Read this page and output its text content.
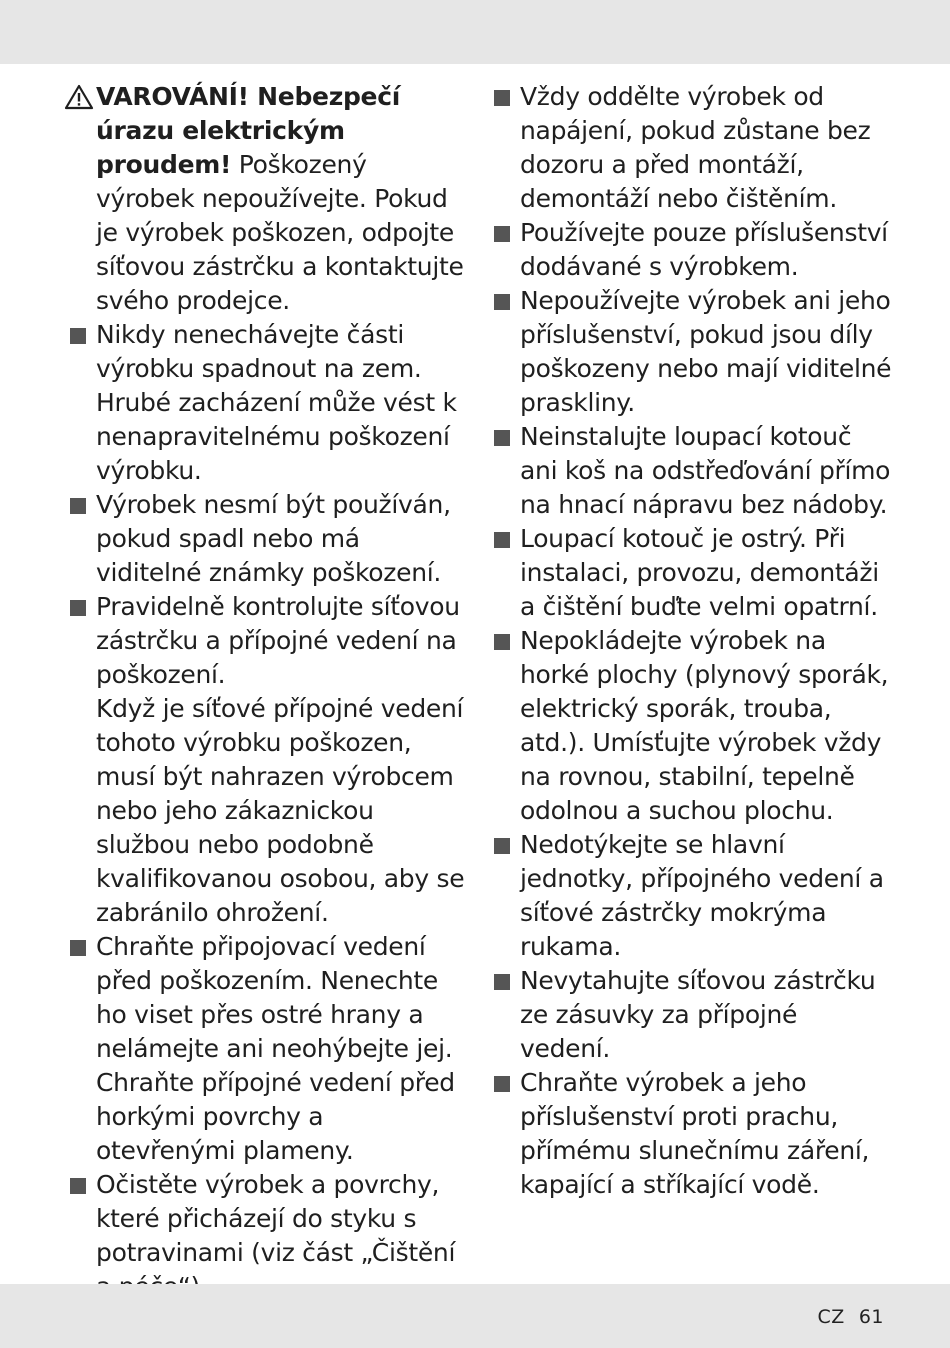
VAROVÁNÍ! Nebezpečí úrazu elektrickým proudem! Poškozený výrobek nepoužívejte. Pokud je výrobek poškozen, odpojte síťovou zástrčku a kontaktujte svého prodejce.
Nikdy nenechávejte části výrobku spadnout na zem. Hrubé zacházení může vést k nenapravitelnému poškození výrobku.
Výrobek nesmí být používán, pokud spadl nebo má viditelné známky poškození.
Pravidelně kontrolujte síťovou zástrčku a přípojné vedení na poškození.
Když je síťové přípojné vedení tohoto výrobku poškozen, musí být nahrazen výrobcem nebo jeho zákaznickou službou nebo podobně kvalifikovanou osobou, aby se zabránilo ohrožení.
Chraňte připojovací vedení před poškozením. Nenechte ho viset přes ostré hrany a nelámejte ani neohýbejte jej. Chraňte přípojné vedení před horkými povrchy a otevřenými plameny.
Očistěte výrobek a povrchy, které přicházejí do styku s potravinami (viz část „Čištění
Vždy oddělte výrobek od napájení, pokud zůstane bez dozoru a před montáží, demontáží nebo čištěním.
Používejte pouze příslušenství dodávané s výrobkem.
Nepoužívejte výrobek ani jeho příslušenství, pokud jsou díly poškozeny nebo mají viditelné praskliny.
Neinstalujte loupací kotouč ani koš na odstřeďování přímo na hnací nápravu bez nádoby.
Loupací kotouč je ostrý. Při instalaci, provozu, demontáži a čištění buďte velmi opatrní.
Nepokládejte výrobek na horké plochy (plynový sporák, elektrický sporák, trouba, atd.). Umísťujte výrobek vždy na rovnou, stabilní, tepelně odolnou a suchou plochu.
Nedotýkejte se hlavní jednotky, přípojného vedení a síťové zástrčky mokrýma rukama.
Nevytahujte síťovou zástrčku ze zásuvky za přípojné vedení.
Chraňte výrobek a jeho příslušenství proti prachu, přímému slunečnímu záření, kapající a stříkající vodě.
CZ 61
